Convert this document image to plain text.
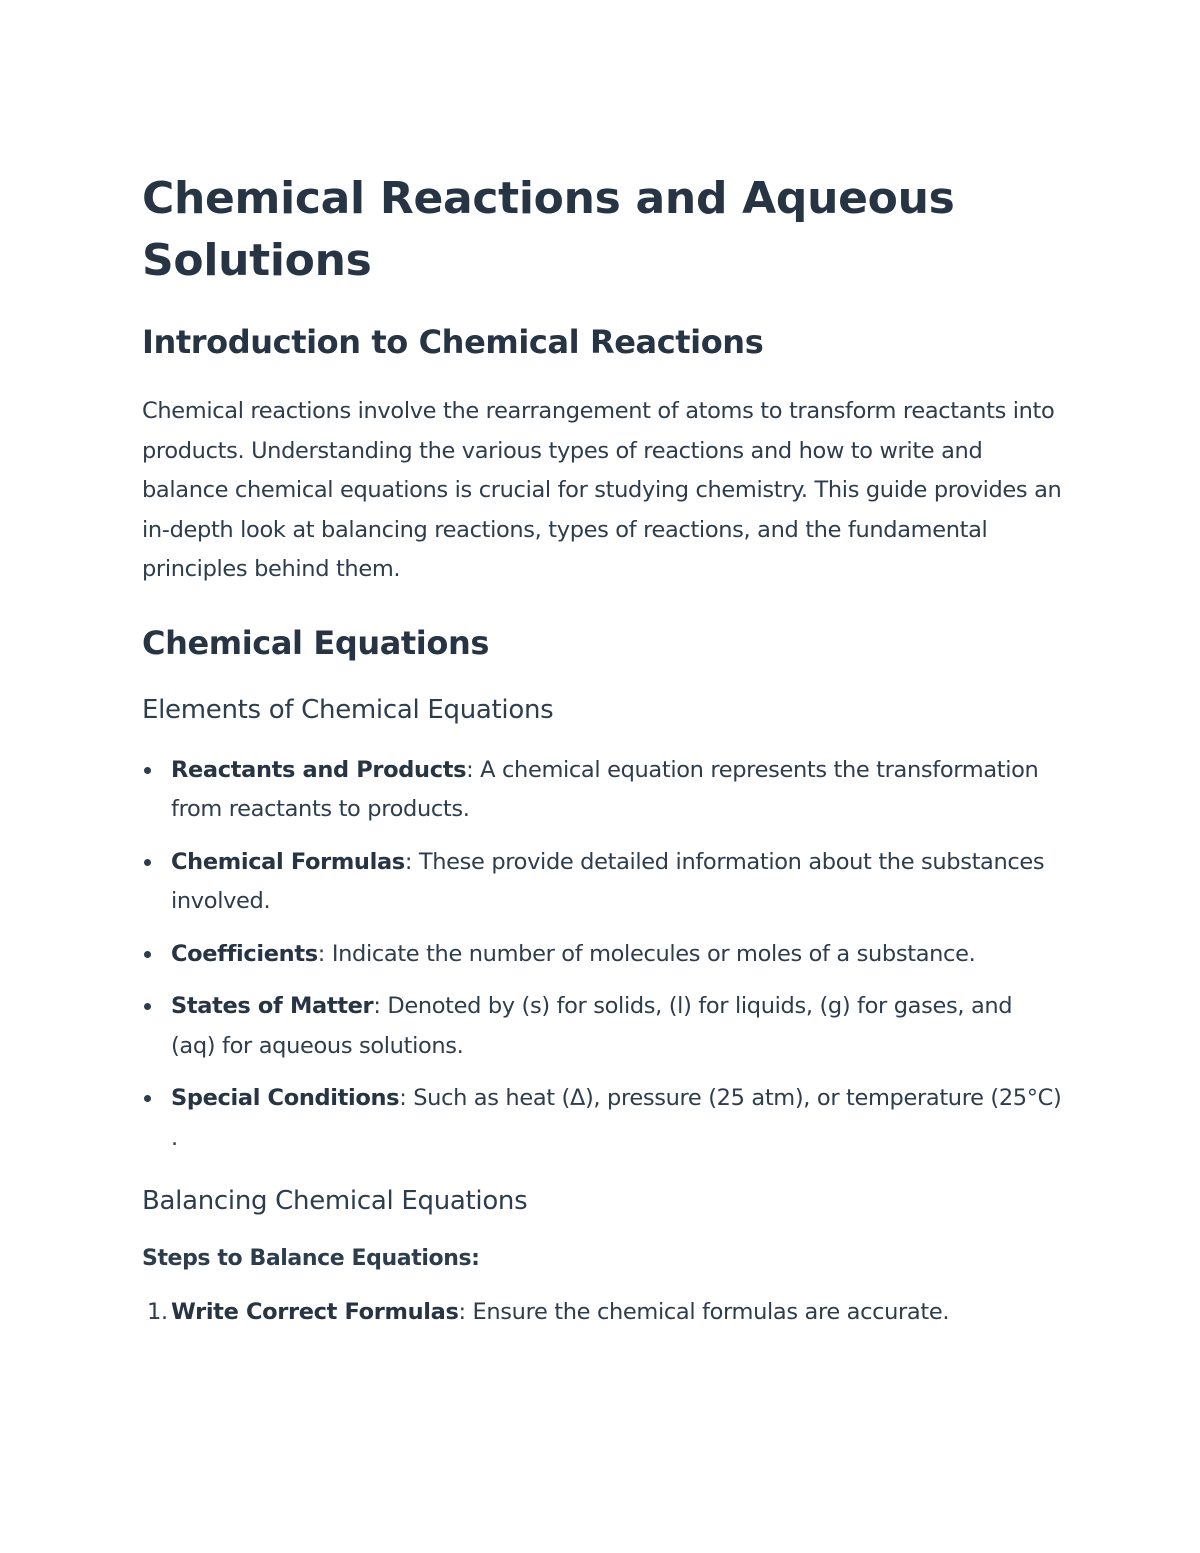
Chemical Reactions and Aqueous Solutions
Introduction to Chemical Reactions

Chemical reactions involve the rearrangement of atoms to transform reactants into products. Understanding the various types of reactions and how to write and balance chemical equations is crucial for studying chemistry. This guide provides an in-depth look at balancing reactions, types of reactions, and the fundamental principles behind them.

Chemical Equations
Elements of Chemical Equations
Reactants and Products: A chemical equation represents the transformation from reactants to products.
Chemical Formulas: These provide detailed information about the substances involved.
Coefficients: Indicate the number of molecules or moles of a substance.
States of Matter: Denoted by (s) for solids, (l) for liquids, (g) for gases, and (aq) for aqueous solutions.
Special Conditions: Such as heat (Δ), pressure (25 atm), or temperature (25°C) .
Balancing Chemical Equations

Steps to Balance Equations:

1. Write Correct Formulas: Ensure the chemical formulas are accurate.
